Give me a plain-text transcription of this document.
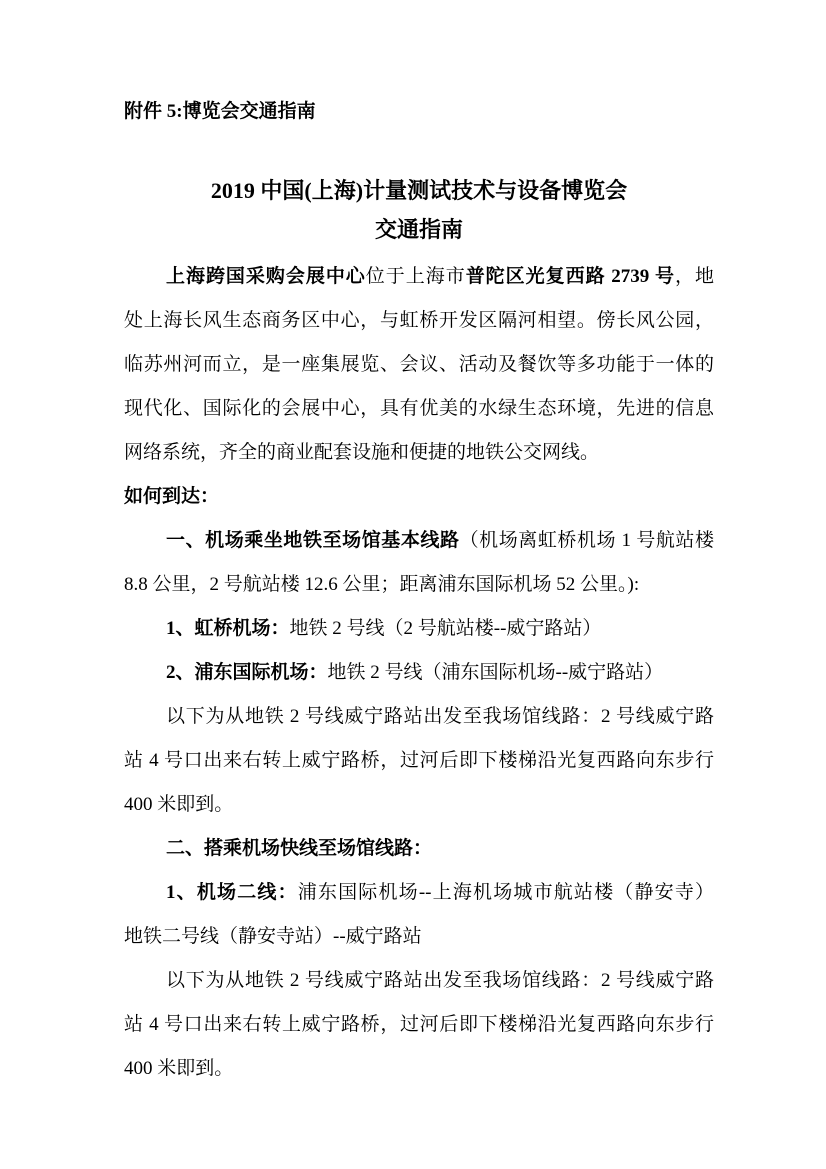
附件 5:博览会交通指南

2019 中国(上海)计量测试技术与设备博览会
交通指南

上海跨国采购会展中心位于上海市普陀区光复西路 2739 号，地
处上海长风生态商务区中心，与虹桥开发区隔河相望。傍长风公园，
临苏州河而立，是一座集展览、会议、活动及餐饮等多功能于一体的
现代化、国际化的会展中心，具有优美的水绿生态环境，先进的信息
网络系统，齐全的商业配套设施和便捷的地铁公交网线。

如何到达：

一、机场乘坐地铁至场馆基本线路（机场离虹桥机场 1 号航站楼
8.8 公里，2 号航站楼 12.6 公里；距离浦东国际机场 52 公里。):

1、虹桥机场：地铁 2 号线（2 号航站楼--威宁路站）

2、浦东国际机场：地铁 2 号线（浦东国际机场--威宁路站）

以下为从地铁 2 号线威宁路站出发至我场馆线路：2 号线威宁路
站 4 号口出来右转上威宁路桥，过河后即下楼梯沿光复西路向东步行
400 米即到。

二、搭乘机场快线至场馆线路：

1、机场二线：浦东国际机场--上海机场城市航站楼（静安寺）
地铁二号线（静安寺站）--威宁路站

以下为从地铁 2 号线威宁路站出发至我场馆线路：2 号线威宁路
站 4 号口出来右转上威宁路桥，过河后即下楼梯沿光复西路向东步行
400 米即到。
